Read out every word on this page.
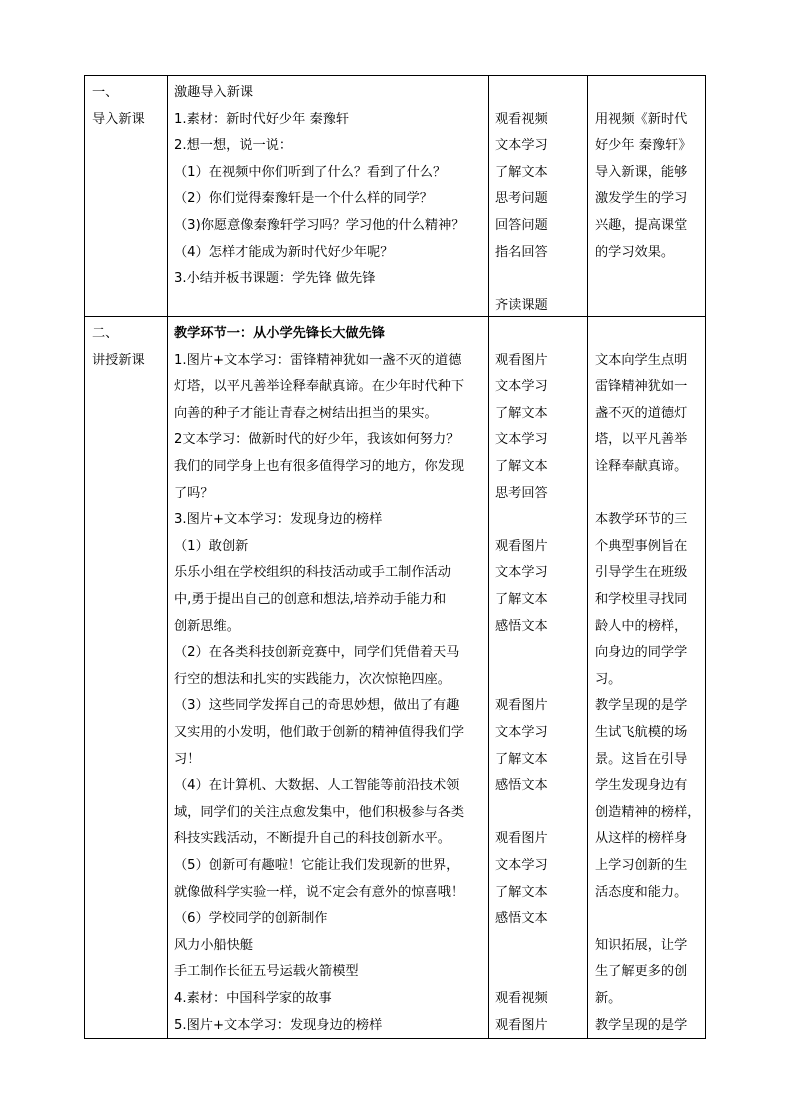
一、
导入新课
激趣导入新课
1.素材：新时代好少年 秦豫轩
2.想一想，说一说：
（1）在视频中你们听到了什么？看到了什么？
（2）你们觉得秦豫轩是一个什么样的同学？
（3)你愿意像秦豫轩学习吗？学习他的什么精神？
（4）怎样才能成为新时代好少年呢？
3.小结并板书课题：学先锋 做先锋
观看视频
文本学习
了解文本
思考问题
回答问题
指名回答
齐读课题
用视频《新时代
好少年 秦豫轩》
导入新课，能够
激发学生的学习
兴趣，提高课堂
的学习效果。
二、
讲授新课
教学环节一：从小学先锋长大做先锋
1.图片+文本学习：雷锋精神犹如一盏不灭的道德
灯塔，以平凡善举诠释奉献真谛。在少年时代种下
向善的种子才能让青春之树结出担当的果实。
2文本学习：做新时代的好少年，我该如何努力？
我们的同学身上也有很多值得学习的地方，你发现
了吗？
3.图片+文本学习：发现身边的榜样
（1）敢创新
乐乐小组在学校组织的科技活动或手工制作活动
中,勇于提出自己的创意和想法,培养动手能力和
创新思维。
（2）在各类科技创新竞赛中，同学们凭借着天马
行空的想法和扎实的实践能力，次次惊艳四座。
（3）这些同学发挥自己的奇思妙想，做出了有趣
又实用的小发明，他们敢于创新的精神值得我们学
习！
（4）在计算机、大数据、人工智能等前沿技术领
域，同学们的关注点愈发集中，他们积极参与各类
科技实践活动，不断提升自己的科技创新水平。
（5）创新可有趣啦！它能让我们发现新的世界，
就像做科学实验一样，说不定会有意外的惊喜哦！
（6）学校同学的创新制作
风力小船快艇
手工制作长征五号运载火箭模型
4.素材：中国科学家的故事
5.图片+文本学习：发现身边的榜样
观看图片
文本学习
了解文本
文本学习
了解文本
思考回答
观看图片
文本学习
了解文本
感悟文本
观看图片
文本学习
了解文本
感悟文本
观看图片
文本学习
了解文本
感悟文本
观看视频
观看图片
文本向学生点明
雷锋精神犹如一
盏不灭的道德灯
塔，以平凡善举
诠释奉献真谛。
本教学环节的三
个典型事例旨在
引导学生在班级
和学校里寻找同
龄人中的榜样，
向身边的同学学
习。
教学呈现的是学
生试飞航模的场
景。这旨在引导
学生发现身边有
创造精神的榜样，
从这样的榜样身
上学习创新的生
活态度和能力。
知识拓展，让学
生了解更多的创
新。
教学呈现的是学
